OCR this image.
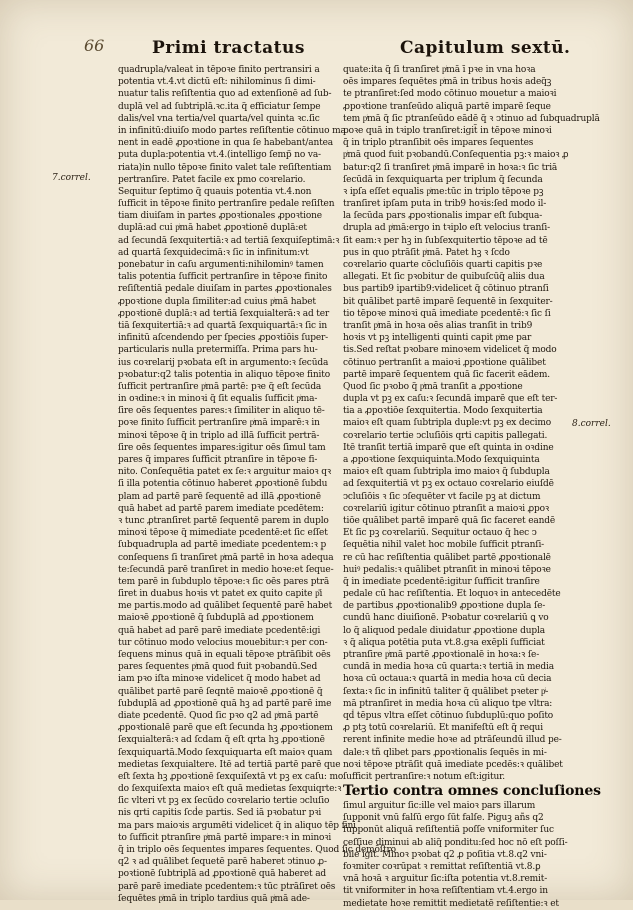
66	Primi tractatus	Capitulum sextū.
7.correl.
8.correl.
quadrupla/valeat in tēpoꝛe finito pertransiri a
potentia vt.4.vt dictū eſt: nihilominus ſi dimi-
nuatur talis reſiſtentia quo ad extenſionē ad ſub-
duplā vel ad ſubtriplā.ꝛc.ita q̃ efficiatur ſempe
dalis/vel vna tertia/vel quarta/vel quinta ꝛc.ſic
in infinitū:diuiſo modo partes reſiſtentie cōtinuo ma
nent in eadē ꝓpoꝛtione in qua ſe habebant/antea
puta dupla:potentia vt.4.(intelligo ſemp̃ no va-
riata)in nullo tēpoꝛe finito valet tale reſiſtentiam
pertranſire. Patet facile ex p̱mo coꝛrelario.
Sequitur ſeptimo q̃ quauis potentia vt.4.non
ſufficit in tēpoꝛe finito pertranſire pedale reſiſten
tiam diuiſam in partes ꝓpoꝛtionales ꝓpoꝛtione
duplā:ad cui pͥmā habet ꝓpoꝛtionē duplā:et
ad ſecundā ſexquitertiā:ꝛ ad tertiā ſexquiſeptimā:ꝛ
ad quartā ſexquidecimā:ꝛ ſic in infinitum:vt
ponebatur in caſu argumenti:nihilominꝰ tamen
talis potentia ſufficit pertranſire in tēpoꝛe finito
reſiſtentiā pedale diuiſam in partes ꝓpoꝛtionales
ꝓpoꝛtione dupla ſimiliter:ad cuius pͥmā habet
ꝓpoꝛtionē duplā:ꝛ ad tertiā ſexquialterā:ꝛ ad ter
tiā ſexquitertiā:ꝛ ad quartā ſexquiquartā:ꝛ ſic in
infinitū aſcendendo per ſpecies ꝓpoꝛtiōis ſuper-
particularis nulla pretermiſſa. Prima pars hu-
ius coꝛrelarij pꝛobata eſt in argumento:ꝛ ſecūda
pꝛobatur:q2 talis potentia in aliquo tēpoꝛe finito
ſufficit pertranſire pͥmā partē: pꝛe q̃ eſt ſecūda
in oꝛdine:ꝛ in minoꝛi q̃ ſit equalis ſufficit pͥma-
ſire oēs ſequentes pares:ꝛ ſimiliter in aliquo tē-
poꝛe finito ſufficit pertranſire pͥmā imparē:ꝛ in
minoꝛi tēpoꝛe q̃ in triplo ad illā ſufficit pertrā-
ſire oēs ſequentes impares:igitur oēs ſimul tam
pares q̃ impares ſufficit ptranſire in tēpoꝛe fi-
nito. Conſequētia patet ex ſe:ꝛ arguitur maioꝛ qꝛ
ſi illa potentia cōtinuo haberet ꝓpoꝛtionē ſubdu
plam ad partē parē ſequentē ad illā ꝓpoꝛtionē
quā habet ad partē parem imediate pcedētem:
ꝛ tunc ꝓtranſiret partē ſequentē parem in duplo
minoꝛi tēpoꝛe q̃ mimediate pcedentē:et ſic eſſet
ſubquadrupla ad partē imediate pcedentem:ꝛ p̱
conſequens ſi tranſiret pͥmā partē in hoꝛa adequa
te:ſecundā parē tranſiret in medio hoꝛe:et ſeque-
tem parē in ſubduplo tēpoꝛe:ꝛ ſic oēs pares ptrā
ſiret in duabus hoꝛis vt patet ex quito capite p͂i
me partis.modo ad quālibet ſequentē parē habet
maioꝛē ꝓpoꝛtionē q̃ ſubduplā ad ꝓpoꝛtionem
quā habet ad parē parē imediate pcedentē:igi
tur cōtinuo modo velocius mouebitur:ꝛ per con-
ſequens minus quā in equali tēpoꝛe ptrāſibit oēs
pares ſequentes pͥmā quod fuit pꝛobandū.Sed
iam pꝛo iſta minoꝛe videlicet q̃ modo habet ad
quālibet partē parē ſeqntē maioꝛē ꝓpoꝛtionē q̃
ſubduplā ad ꝓpoꝛtionē quā hꝫ ad partē parē ime
diate pcedentē. Quod ſic pꝛo q2 ad pͥmā partē
ꝓpoꝛtionalē parē que eſt ſecunda hꝫ ꝓpoꝛtionem
ſexquialterā:ꝛ ad ſcdam q̃ eſt qrta hꝫ ꝓpoꝛtionē
ſexquiquartā.Modo ſexquiquarta eſt maioꝛ quam
medietas ſexquialtere. Itē ad tertiā partē parē que
eſt ſexta hꝫ ꝓpoꝛtionē ſexquiſextā vt pꝫ ex caſu: mo
do ſexquiſexta maioꝛ eſt quā medietas ſexquiqrte:ꝛ
ſic vlteri vt pꝫ ex ſecūdo coꝛrelario tertie ↄcluſio
nis qrti capitis ſcḋe partis. Sed iā pꝛobatur pꝛi
ma pars maioꝛis argumēti videlicet q̃ in aliquo tēp fini
to ſufficit ptranſire pͥmā partē impare:ꝛ in minoꝛi
q̃ in triplo oēs ſequentes impares ſequentes. Quod ſic demōſtro
q2 ꝛ ad quālibet ſequetē parē haberet ↄtinuo ꝓ-
poꝛtionē ſubtriplā ad ꝓpoꝛtionē quā haberet ad
parē parē imediate pcedentem:ꝛ tūc ptrāſiret oēs
ſequētes pͥmā in triplo tardius quā pͥmā ade-
quate:ita q̃ ſi tranſiret pͥmā ī pꝛe in vna hoꝛa
oēs impares ſequētes pͥmā in tribus hoꝛis adeq̃ꝫ
te ptranſiret:ſed modo cōtinuo mouetur a maioꝛi
ꝓpoꝛtione tranſeūdo aliquā partē imparē ſeque
tem pͥmā q̃ ſic ptranſeūdo eādē q̃ ꝛ ↄtinuo ad ſubquadruplā
poꝛe quā in tꝛiplo tranſiret:igit̃ in tēpoꝛe minoꝛi
q̃ in triplo ptranſibit oēs impares ſequentes
pͥmā quod fuit pꝛobandū.Conſequentia pꝫ:ꝛ maioꝛ ꝓ
batur:q2 ſi tranſiret pͥmā imparē in hoꝛa:ꝛ ſic triā
ſecūdā in ſexquiquarta per triplum q̃ ſecunda
ꝛ ipſa eſſet equalis pͥme:tūc in triplo tēpoꝛe pꝫ
tranſiret ipſam puta in trib9 hoꝛis:ſed modo il-
la ſecūda pars ꝓpoꝛtionalis impar eſt ſubqua-
drupla ad pͥmā:ergo in tꝛiplo eſt velocius tranſi-
ſit eam:ꝛ per hꝫ in ſubſexquitertio tēpoꝛe ad tē
pus in quo ptrāſit pͥmā. Patet hꝫ ꝛ ſcdo
coꝛrelario quarte cōcluſiōis quarti capitis pꝛe
allegati. Et ſic pꝛobitur de quibuſcūq̃ aliis dua
bus partib9 ipartib9:videlicet q̃ cōtinuo ptranſi
bit quālibet partē imparē ſequentē in ſexquiter-
tio tēpoꝛe minoꝛi quā imediate pcedentē:ꝛ ſic ſi
tranſit pͥmā in hoꝛa oēs alias tranſit in trib9
hoꝛis vt pꝫ intelligenti quinti capit pͥme par
tis.Sed reſtat pꝛobare minoꝛem videlicet q̃ modo
cōtinuo pertranſit a maioꝛi ꝓpoꝛtione quālibet
partē imparē ſequentem quā ſic facerit eādem.
Quod ſic pꝛobo q̃ pͥmā tranſit a ꝓpoꝛtione
dupla vt pꝫ ex caſu:ꝛ ſecundā imparē que eſt ter-
tia a ꝓpoꝛtiōe ſexquitertia. Modo ſexquitertia
maioꝛ eſt quam ſubtripla duple:vt pꝫ ex decimo
coꝛrelario tertie ↄcluſiōis qrti capitis pallegati.
Itē tranſit tertiā imparē que eſt quinta in oꝛdine
a ꝓpoꝛtione ſexquiquinta.Modo ſexquiquinta
maioꝛ eſt quam ſubtripla imo maioꝛ q̃ ſubdupla
ad ſexquitertiā vt pꝫ ex octauo coꝛrelario eiuſdē
ↄcluſiōis ꝛ ſic ↄſequēter vt facile pꝫ at dictum
coꝛrelariū igitur cōtinuo ptranſit a maioꝛi ꝓpoꝛ
tiōe quālibet partē imparē quā ſic faceret eandē
Et ſic pꝫ coꝛrelariū. Sequitur octauo q̃ hec ↄ
ſequētia nihil valet hoc mobile ſufficit ptranſi-
re cū hac reſiſtentia quālibet partē ꝓpoꝛtionalē
huiꝰ pedalis:ꝛ quālibet ptranſit in minoꝛi tēpoꝛe
q̃ in imediate pcedentē:igitur ſufficit tranſire
pedale cū hac reſiſtentia. Et loquoꝛ in antecedēte
de partibus ꝓpoꝛtionalib9 ꝓpoꝛtione dupla ſe-
cundū hanc diuiſionē. Pꝛobatur coꝛrelariū ꝗ vo
lo q̃ aliquod pedale diuidatur ꝓpoꝛtione dupla
ꝛ q̃ aliqua potētia puta vt.8.gꝛa exēpli ſufficiat
ptranſire pͥmā partē ꝓpoꝛtionalē in hoꝛa:ꝛ ſe-
cundā in media hoꝛa cū quarta:ꝛ tertiā in media
hoꝛa cū octaua:ꝛ quartā in media hoꝛa cū decia
ſexta:ꝛ ſic in infinitū taliter q̃ quālibet pꝛeter pͥ-
mā ptranſiret in media hoꝛa cū aliquo tpe vltra:
qḋ tēpus vltra eſſet cōtinuo ſubduplū:quo poſito
ꝓ ptꝫ totū coꝛrelariū. Et manifeſtū eſt q̃ requi
rerent infinite medie hoꝛe ad ptrāſeundū illud pe-
dale:ꝛ tñ qlibet pars ꝓpoꝛtionalis ſequēs in mi-
noꝛi tēpoꝛe ptrāſit quā imediate pcedēs:ꝛ quālibet
ſufficit pertranſire:ꝛ notum eſt:igitur.
Tertio contra omnes concluſiones
ſimul arguitur ſic:ille vel maioꝛ pars illarum
ſupponit vnū falſū ergo ſūt falſe. Piguꝫ añs q2
ſupponūt aliquā reſiſtentiā poſſe vniformiter ſuc
ceſſiue diminui ab aliq̃ ponditu:ſed hoc nō eſt poſſi-
bile igit. Minoꝛ pꝛobat q2 ꝓ poſitia vt.8.q2 vni-
foꝛmiter coꝛrūpat ꝛ remittat reſiſtentiā vt.8.ꝑ
vnā hoꝛā ꝛ arguitur ſic:iſta potentia vt.8.remit-
tit vniformiter in hoꝛa reſiſtentiam vt.4.ergo in
medietate hoꝛe remittit medietatē reſiſtentie:ꝛ et
